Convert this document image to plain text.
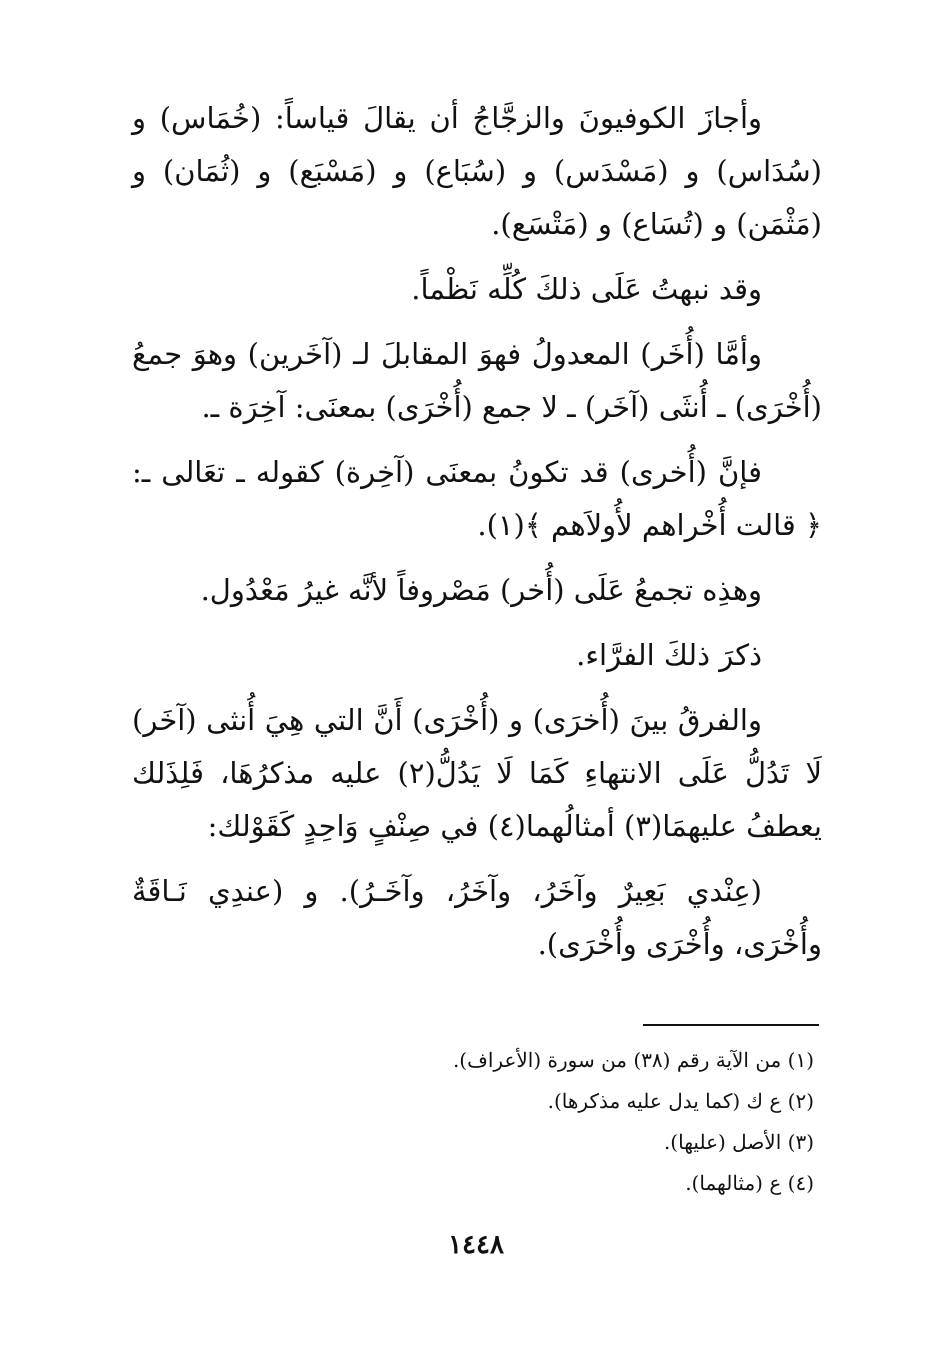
وأجازَ الكوفيونَ والزجَّاجُ أن يقالَ قياساً: (خُمَاس) و (سُدَاس) و (مَسْدَس) و (سُبَاع) و (مَسْبَع) و (ثُمَان) و (مَثْمَن) و (تُسَاع) و (مَتْسَع).

وقد نبهتُ عَلَى ذلكَ كُلِّه نَظْماً.

وأمَّا (أُخَر) المعدولُ فهوَ المقابلَ لـ (آخَرين) وهوَ جمعُ (أُخْرَى) ـ أُنثَى (آخَر) ـ لا جمع (أُخْرَى) بمعنَى: آخِرَة ـ.

فإنَّ (أُخرى) قد تكونُ بمعنَى (آخِرة) كقوله ـ تعَالى ـ: ﴿ قالت أُخْراهم لأُولاَهم ﴾(١).

وهذِه تجمعُ عَلَى (أُخر) مَصْروفاً لأنَّه غيرُ مَعْدُول.

ذكرَ ذلكَ الفرَّاء.

والفرقُ بينَ (أُخرَى) و (أُخْرَى) أَنَّ التي هِيَ أُنثى (آخَر) لَا تَدُلُّ عَلَى الانتهاءِ كَمَا لَا يَدُلُّ(٢) عليه مذكرُهَا، فَلِذَلك يعطفُ عليهمَا(٣) أمثالُهما(٤) في صِنْفٍ وَاحِدٍ كَقَوْلك:

(عِنْدي بَعِيرٌ وآخَرُ، وآخَرُ، وآخَـرُ). و (عندِي نَـاقَةٌ وأُخْرَى، وأُخْرَى وأُخْرَى).

(١) من الآية رقم (٣٨) من سورة (الأعراف).

(٢) ع ك (كما يدل عليه مذكرها).

(٣) الأصل (عليها).

(٤) ع (مثالهما).

١٤٤٨
